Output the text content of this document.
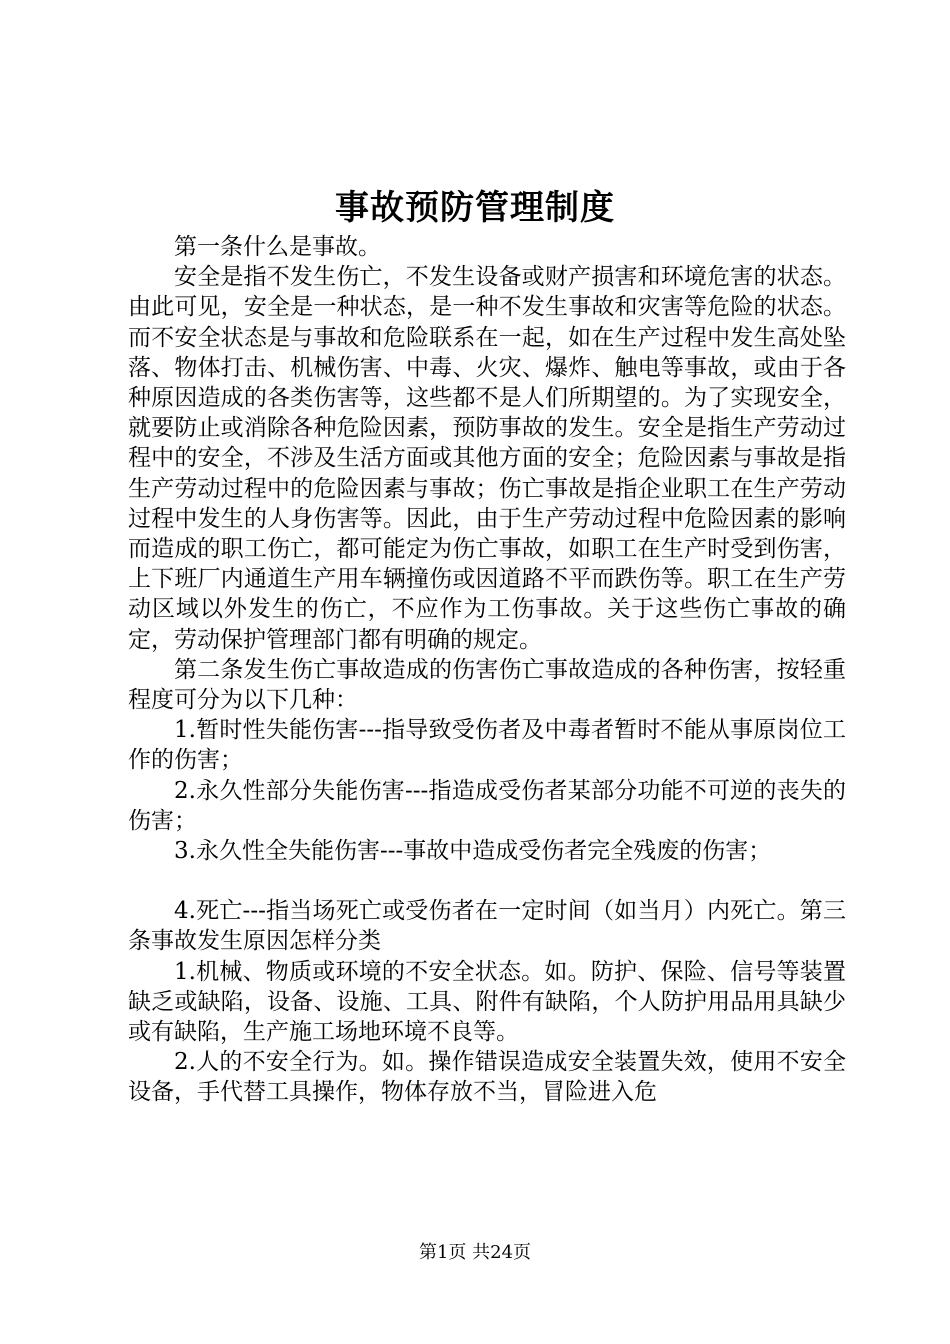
事故预防管理制度

第一条什么是事故。

安全是指不发生伤亡，不发生设备或财产损害和环境危害的状态。由此可见，安全是一种状态，是一种不发生事故和灾害等危险的状态。而不安全状态是与事故和危险联系在一起，如在生产过程中发生高处坠落、物体打击、机械伤害、中毒、火灾、爆炸、触电等事故，或由于各种原因造成的各类伤害等，这些都不是人们所期望的。为了实现安全，就要防止或消除各种危险因素，预防事故的发生。安全是指生产劳动过程中的安全，不涉及生活方面或其他方面的安全；危险因素与事故是指生产劳动过程中的危险因素与事故；伤亡事故是指企业职工在生产劳动过程中发生的人身伤害等。因此，由于生产劳动过程中危险因素的影响而造成的职工伤亡，都可能定为伤亡事故，如职工在生产时受到伤害，上下班厂内通道生产用车辆撞伤或因道路不平而跌伤等。职工在生产劳动区域以外发生的伤亡，不应作为工伤事故。关于这些伤亡事故的确定，劳动保护管理部门都有明确的规定。

第二条发生伤亡事故造成的伤害伤亡事故造成的各种伤害，按轻重程度可分为以下几种：

1.暂时性失能伤害---指导致受伤者及中毒者暂时不能从事原岗位工作的伤害；

2.永久性部分失能伤害---指造成受伤者某部分功能不可逆的丧失的伤害；

3.永久性全失能伤害---事故中造成受伤者完全残废的伤害；

4.死亡---指当场死亡或受伤者在一定时间（如当月）内死亡。第三条事故发生原因怎样分类

1.机械、物质或环境的不安全状态。如。防护、保险、信号等装置缺乏或缺陷，设备、设施、工具、附件有缺陷，个人防护用品用具缺少或有缺陷，生产施工场地环境不良等。

2.人的不安全行为。如。操作错误造成安全装置失效，使用不安全设备，手代替工具操作，物体存放不当，冒险进入危

第1页 共24页
